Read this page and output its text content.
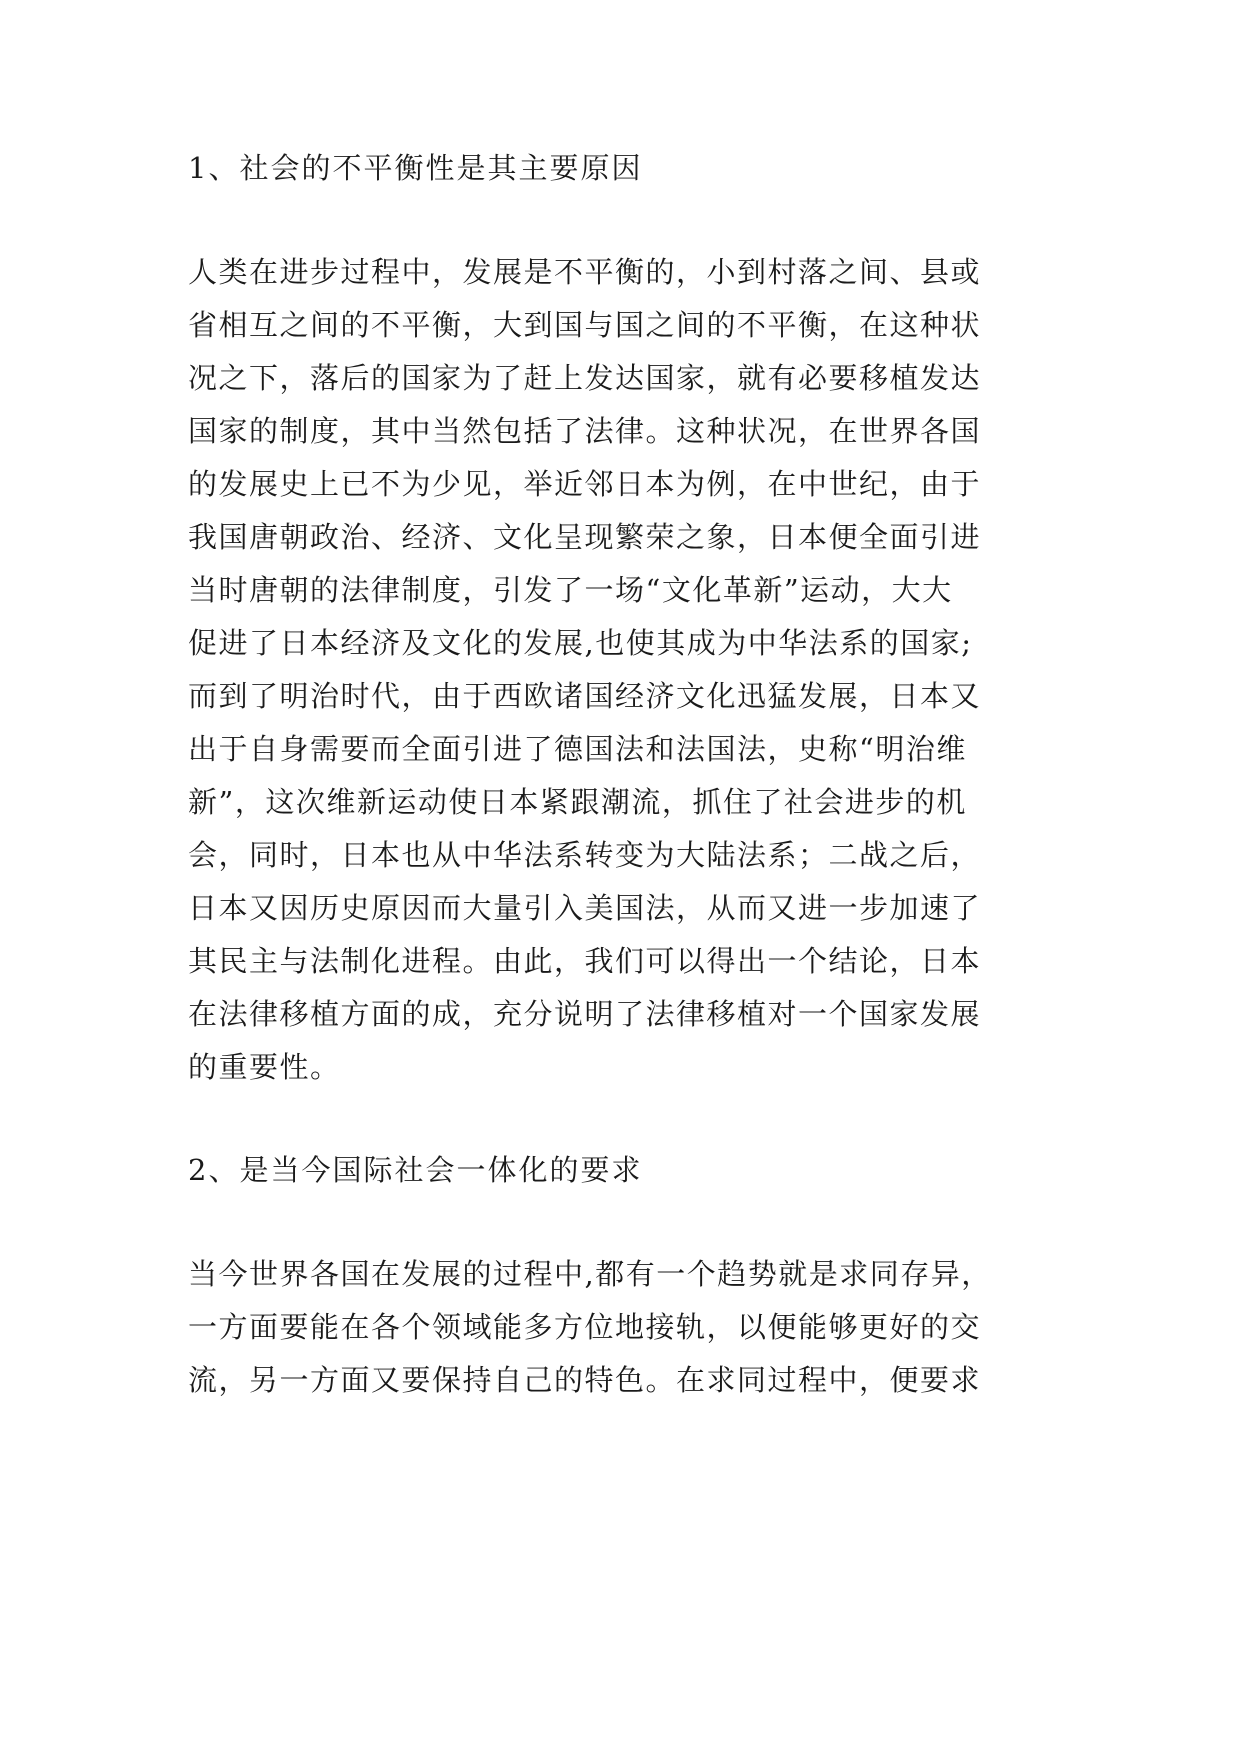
1、社会的不平衡性是其主要原因
人类在进步过程中，发展是不平衡的，小到村落之间、县或
省相互之间的不平衡，大到国与国之间的不平衡，在这种状
况之下，落后的国家为了赶上发达国家，就有必要移植发达
国家的制度，其中当然包括了法律。这种状况，在世界各国
的发展史上已不为少见，举近邻日本为例，在中世纪，由于
我国唐朝政治、经济、文化呈现繁荣之象，日本便全面引进
当时唐朝的法律制度，引发了一场“文化革新”运动，大大
促进了日本经济及文化的发展,也使其成为中华法系的国家;
而到了明治时代，由于西欧诸国经济文化迅猛发展，日本又
出于自身需要而全面引进了德国法和法国法，史称“明治维
新”，这次维新运动使日本紧跟潮流，抓住了社会进步的机
会，同时，日本也从中华法系转变为大陆法系；二战之后，
日本又因历史原因而大量引入美国法，从而又进一步加速了
其民主与法制化进程。由此，我们可以得出一个结论，日本
在法律移植方面的成，充分说明了法律移植对一个国家发展
的重要性。
2、是当今国际社会一体化的要求
当今世界各国在发展的过程中,都有一个趋势就是求同存异，
一方面要能在各个领域能多方位地接轨，以便能够更好的交
流，另一方面又要保持自己的特色。在求同过程中，便要求
